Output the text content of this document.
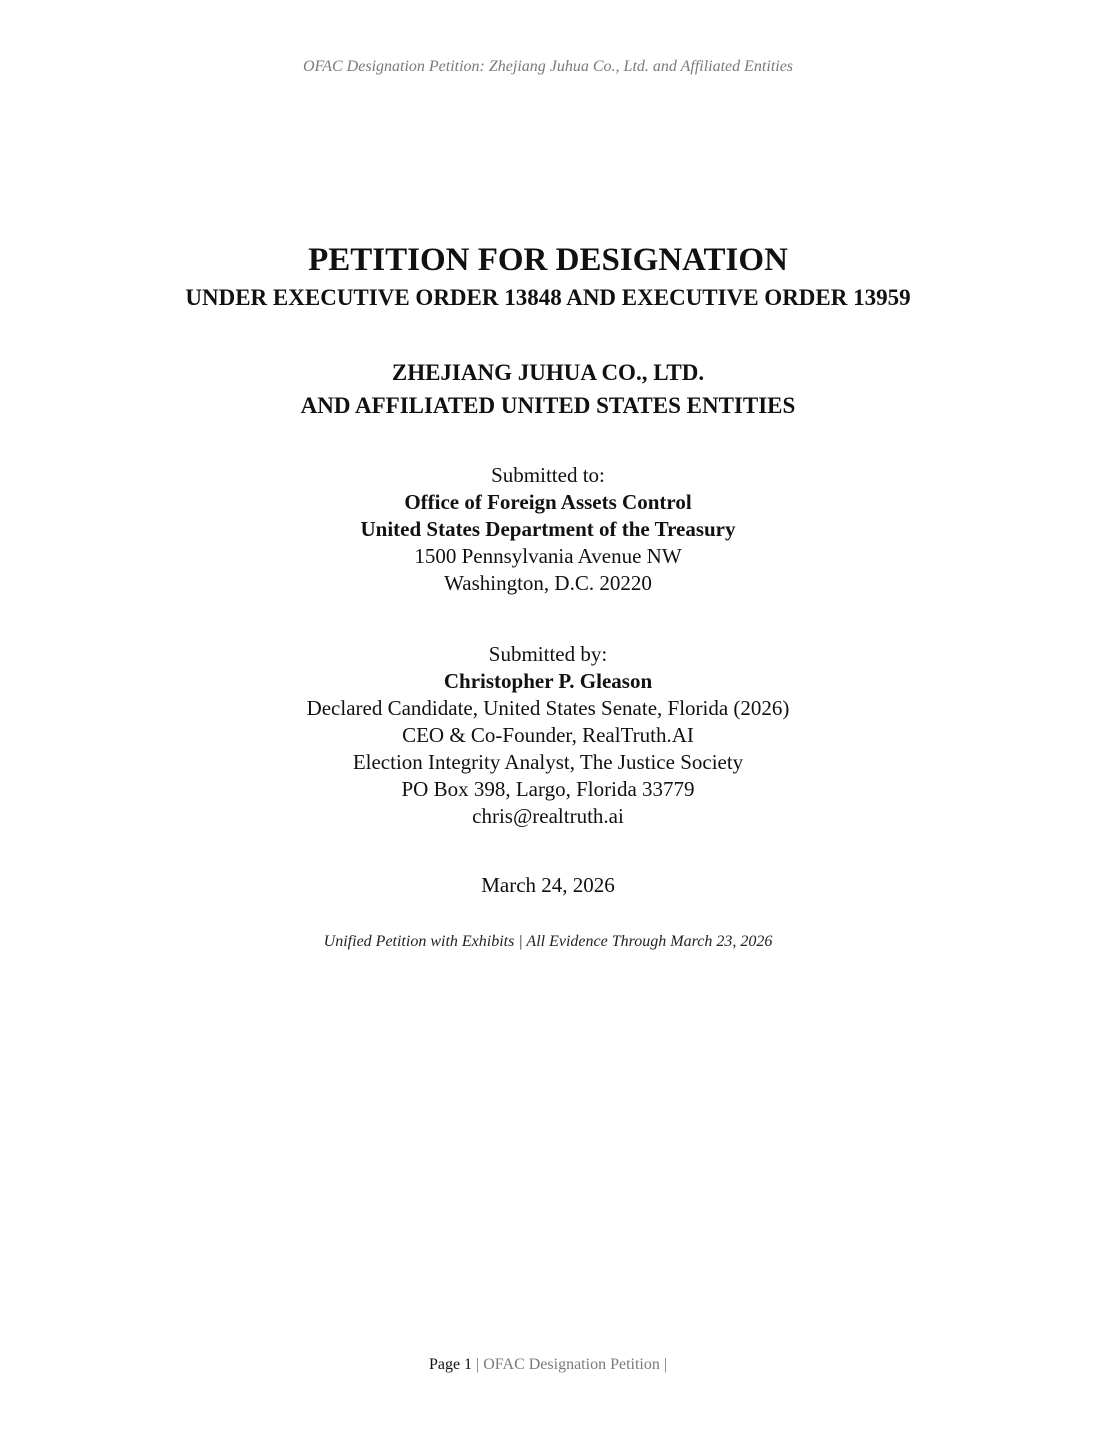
OFAC Designation Petition: Zhejiang Juhua Co., Ltd. and Affiliated Entities
PETITION FOR DESIGNATION
UNDER EXECUTIVE ORDER 13848 AND EXECUTIVE ORDER 13959
ZHEJIANG JUHUA CO., LTD.
AND AFFILIATED UNITED STATES ENTITIES
Submitted to:
Office of Foreign Assets Control
United States Department of the Treasury
1500 Pennsylvania Avenue NW
Washington, D.C. 20220
Submitted by:
Christopher P. Gleason
Declared Candidate, United States Senate, Florida (2026)
CEO & Co-Founder, RealTruth.AI
Election Integrity Analyst, The Justice Society
PO Box 398, Largo, Florida 33779
chris@realtruth.ai
March 24, 2026
Unified Petition with Exhibits | All Evidence Through March 23, 2026
Page 1 | OFAC Designation Petition |
